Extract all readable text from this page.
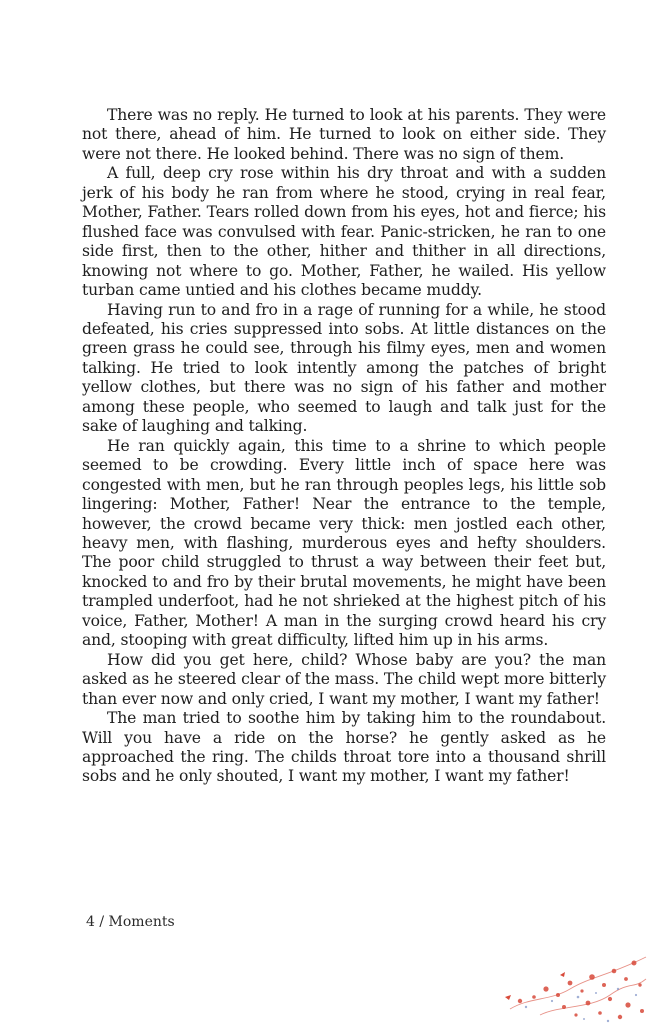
There was no reply. He turned to look at his parents. They were not there, ahead of him. He turned to look on either side. They were not there. He looked behind. There was no sign of them.

A full, deep cry rose within his dry throat and with a sudden jerk of his body he ran from where he stood, crying in real fear, Mother, Father. Tears rolled down from his eyes, hot and fierce; his flushed face was convulsed with fear. Panic-stricken, he ran to one side first, then to the other, hither and thither in all directions, knowing not where to go. Mother, Father, he wailed. His yellow turban came untied and his clothes became muddy.

Having run to and fro in a rage of running for a while, he stood defeated, his cries suppressed into sobs. At little distances on the green grass he could see, through his filmy eyes, men and women talking. He tried to look intently among the patches of bright yellow clothes, but there was no sign of his father and mother among these people, who seemed to laugh and talk just for the sake of laughing and talking.

He ran quickly again, this time to a shrine to which people seemed to be crowding. Every little inch of space here was congested with men, but he ran through peoples legs, his little sob lingering: Mother, Father! Near the entrance to the temple, however, the crowd became very thick: men jostled each other, heavy men, with flashing, murderous eyes and hefty shoulders. The poor child struggled to thrust a way between their feet but, knocked to and fro by their brutal movements, he might have been trampled underfoot, had he not shrieked at the highest pitch of his voice, Father, Mother! A man in the surging crowd heard his cry and, stooping with great difficulty, lifted him up in his arms.

How did you get here, child? Whose baby are you? the man asked as he steered clear of the mass. The child wept more bitterly than ever now and only cried, I want my mother, I want my father!

The man tried to soothe him by taking him to the roundabout. Will you have a ride on the horse? he gently asked as he approached the ring. The childs throat tore into a thousand shrill sobs and he only shouted, I want my mother, I want my father!

4 / Moments
